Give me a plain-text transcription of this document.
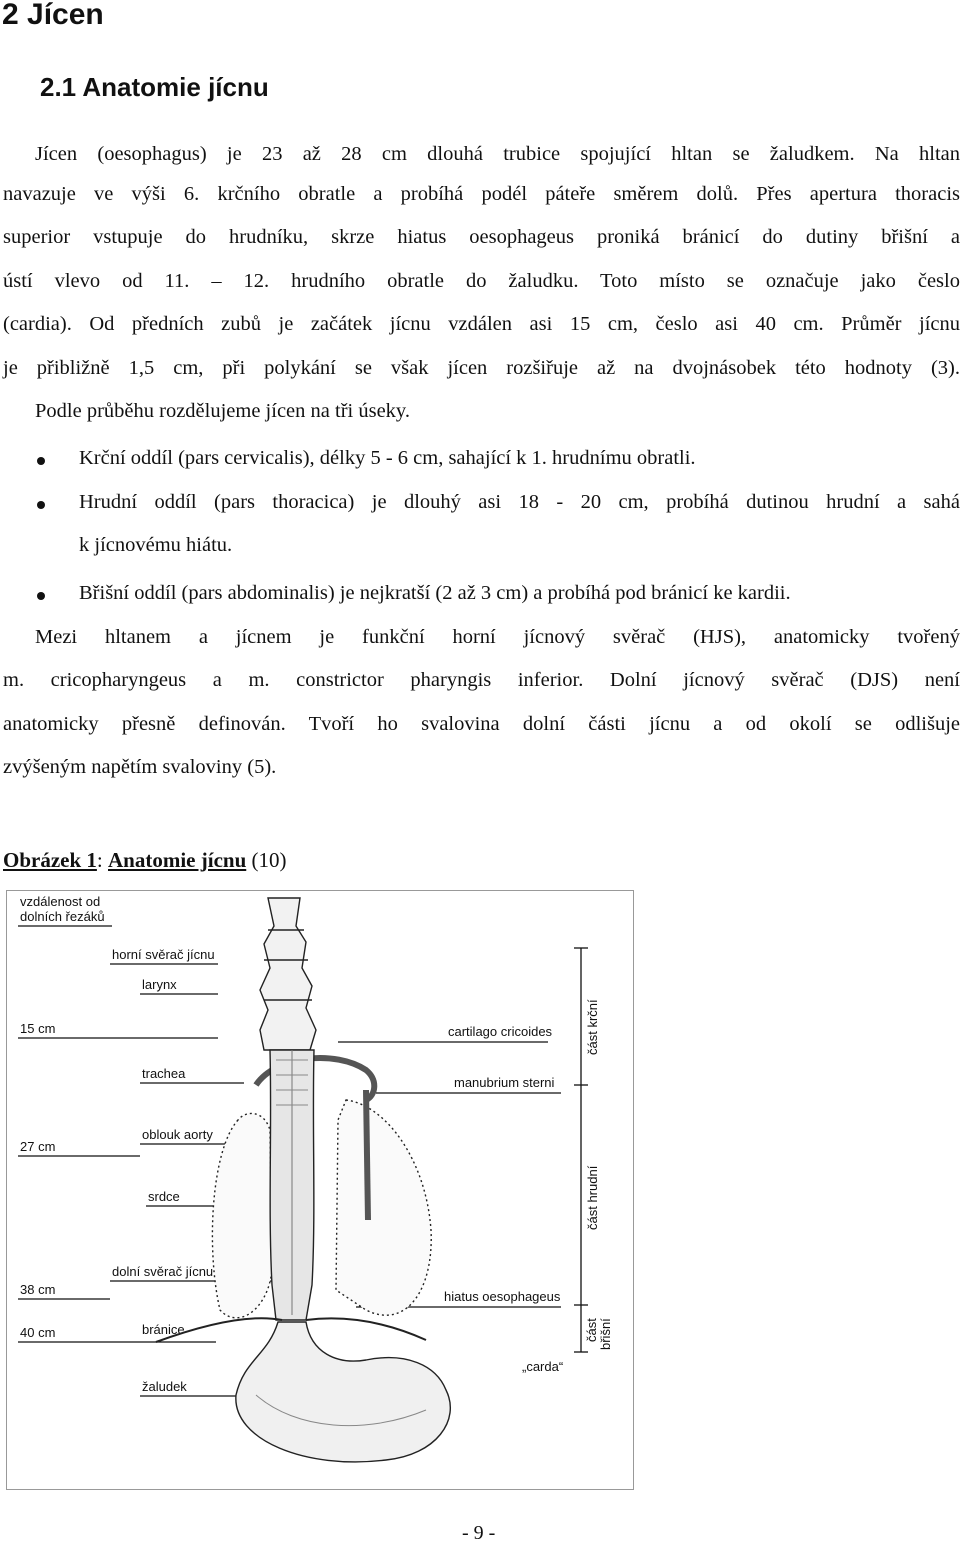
2 Jícen
2.1 Anatomie jícnu

Jícen (oesophagus) je 23 až 28 cm dlouhá trubice spojující hltan se žaludkem. Na hltan

navazuje ve výši 6. krčního obratle a probíhá podél páteře směrem dolů. Přes apertura thoracis

superior vstupuje do hrudníku, skrze hiatus oesophageus proniká bránicí do dutiny břišní a

ústí vlevo od 11. – 12. hrudního obratle do žaludku. Toto místo se označuje jako česlo

(cardia). Od předních zubů je začátek jícnu vzdálen asi 15 cm, česlo asi 40 cm. Průměr jícnu

je přibližně 1,5 cm, při polykání se však jícen rozšiřuje až na dvojnásobek této hodnoty (3).

Podle průběhu rozdělujeme jícen na tři úseky.

Krční oddíl (pars cervicalis), délky 5 - 6 cm, sahající k 1. hrudnímu obratli.

Hrudní oddíl (pars thoracica) je dlouhý asi 18 - 20 cm, probíhá dutinou hrudní a sahá

k jícnovému hiátu.

Břišní oddíl (pars abdominalis) je nejkratší (2 až 3 cm) a probíhá pod bránicí ke kardii.

Mezi hltanem a jícnem je funkční horní jícnový svěrač (HJS), anatomicky tvořený

m. cricopharyngeus a m. constrictor pharyngis inferior. Dolní jícnový svěrač (DJS) není

anatomicky přesně definován. Tvoří ho svalovina dolní části jícnu a od okolí se odlišuje

zvýšeným napětím svaloviny (5).

Obrázek 1: Anatomie jícnu (10)
vzdálenost od
dolních řezáků
horní svěrač jícnu
larynx
15 cm
trachea
oblouk aorty
27 cm
srdce
dolní svěrač jícnu
38 cm
40 cm	bránice
žaludek
cartilago cricoides
manubrium sterni
hiatus oesophageus
„carda“
část krční
část hrudní
část břišní
- 9 -
